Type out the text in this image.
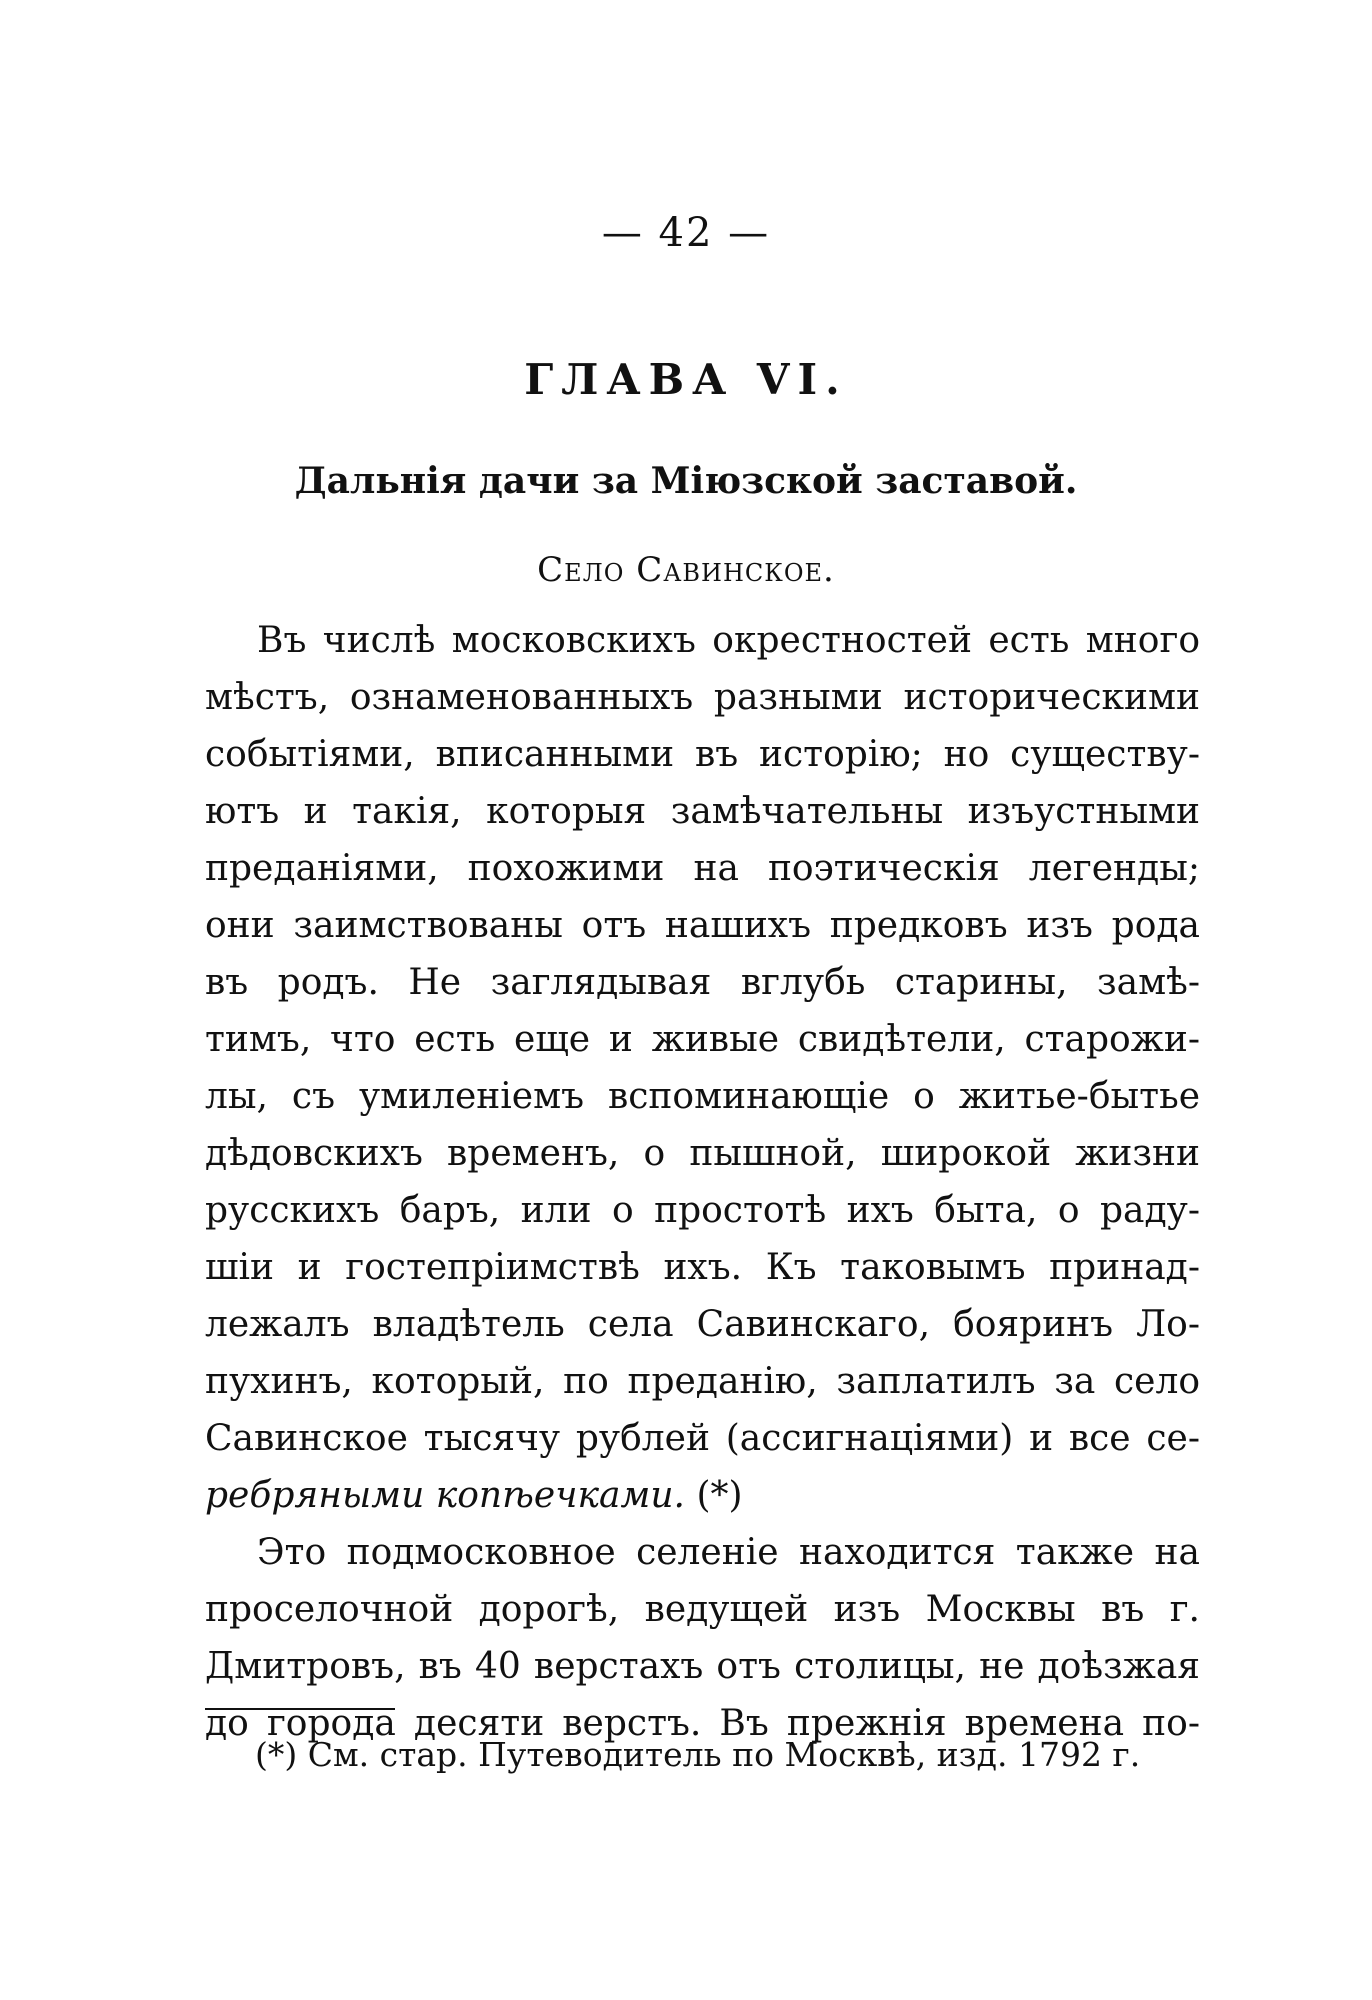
— 42 —
ГЛАВА VI.
Дальнія дачи за Міюзской заставой.
Село Савинское.
Въ числѣ московскихъ окрестностей есть много
мѣстъ, ознаменованныхъ разными историческими
событіями, вписанными въ исторію; но существу-
ютъ и такія, которыя замѣчательны изъустными
преданіями, похожими на поэтическія легенды;
они заимствованы отъ нашихъ предковъ изъ рода
въ родъ. Не заглядывая вглубь старины, замѣ-
тимъ, что есть еще и живые свидѣтели, старожи-
лы, съ умиленіемъ вспоминающіе о житье-бытье
дѣдовскихъ временъ, о пышной, широкой жизни
русскихъ баръ, или о простотѣ ихъ быта, о раду-
шіи и гостепріимствѣ ихъ. Къ таковымъ принад-
лежалъ владѣтель села Савинскаго, бояринъ Ло-
пухинъ, который, по преданію, заплатилъ за село
Савинское тысячу рублей (ассигнаціями) и все се-
ребряными копѣечками. (*)
Это подмосковное селеніе находится также на
проселочной дорогѣ, ведущей изъ Москвы въ г.
Дмитровъ, въ 40 верстахъ отъ столицы, не доѣзжая
до города десяти верстъ. Въ прежнія времена по-
(*) См. стар. Путеводитель по Москвѣ, изд. 1792 г.
